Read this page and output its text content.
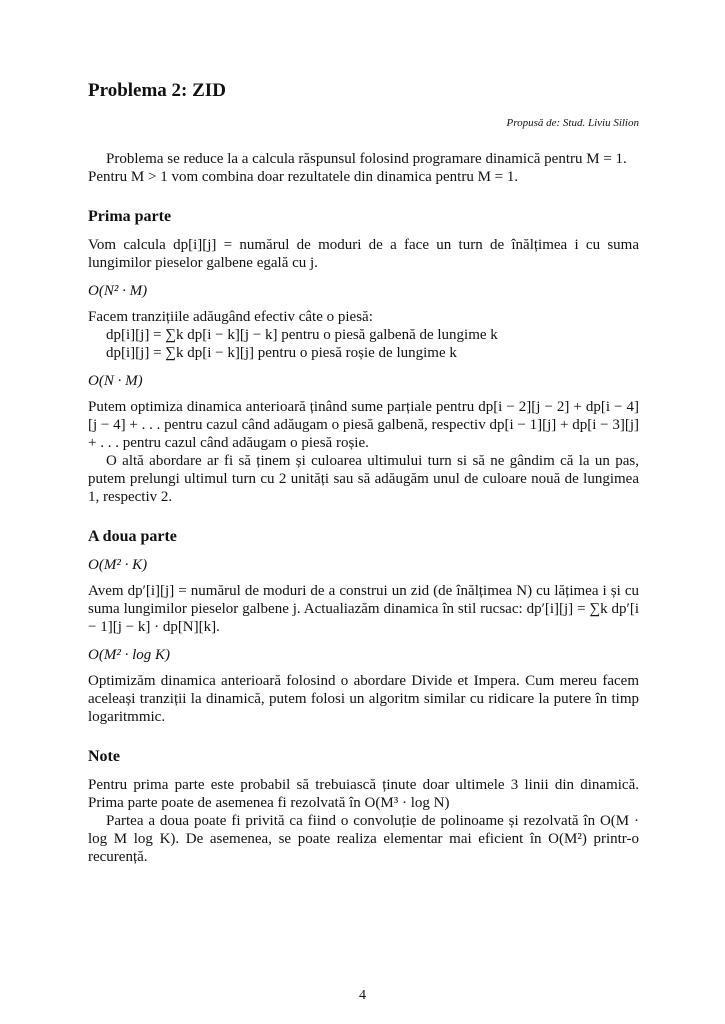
Problema 2: ZID
Propusă de: Stud. Liviu Silion

Problema se reduce la a calcula răspunsul folosind programare dinamică pentru M = 1.

Pentru M > 1 vom combina doar rezultatele din dinamica pentru M = 1.

Prima parte

Vom calcula dp[i][j] = numărul de moduri de a face un turn de înălțimea i cu suma lungimilor pieselor galbene egală cu j.

O(N² · M)

Facem tranzițiile adăugând efectiv câte o piesă:

dp[i][j] = ∑k dp[i − k][j − k] pentru o piesă galbenă de lungime k

dp[i][j] = ∑k dp[i − k][j] pentru o piesă roșie de lungime k

O(N · M)

Putem optimiza dinamica anterioară ținând sume parțiale pentru dp[i − 2][j − 2] + dp[i − 4][j − 4] + . . . pentru cazul când adăugam o piesă galbenă, respectiv dp[i − 1][j] + dp[i − 3][j] + . . . pentru cazul când adăugam o piesă roșie.

O altă abordare ar fi să ținem și culoarea ultimului turn si să ne gândim că la un pas, putem prelungi ultimul turn cu 2 unități sau să adăugăm unul de culoare nouă de lungimea 1, respectiv 2.

A doua parte

O(M² · K)

Avem dp′[i][j] = numărul de moduri de a construi un zid (de înălțimea N) cu lățimea i și cu suma lungimilor pieselor galbene j. Actualiazăm dinamica în stil rucsac: dp′[i][j] = ∑k dp′[i − 1][j − k] · dp[N][k].

O(M² · log K)

Optimizăm dinamica anterioară folosind o abordare Divide et Impera. Cum mereu facem aceleași tranziții la dinamică, putem folosi un algoritm similar cu ridicare la putere în timp logaritmmic.

Note

Pentru prima parte este probabil să trebuiască ținute doar ultimele 3 linii din dinamică. Prima parte poate de asemenea fi rezolvată în O(M³ · log N)

Partea a doua poate fi privită ca fiind o convoluție de polinoame și rezolvată în O(M · log M log K). De asemenea, se poate realiza elementar mai eficient în O(M²) printr-o recurență.

4
